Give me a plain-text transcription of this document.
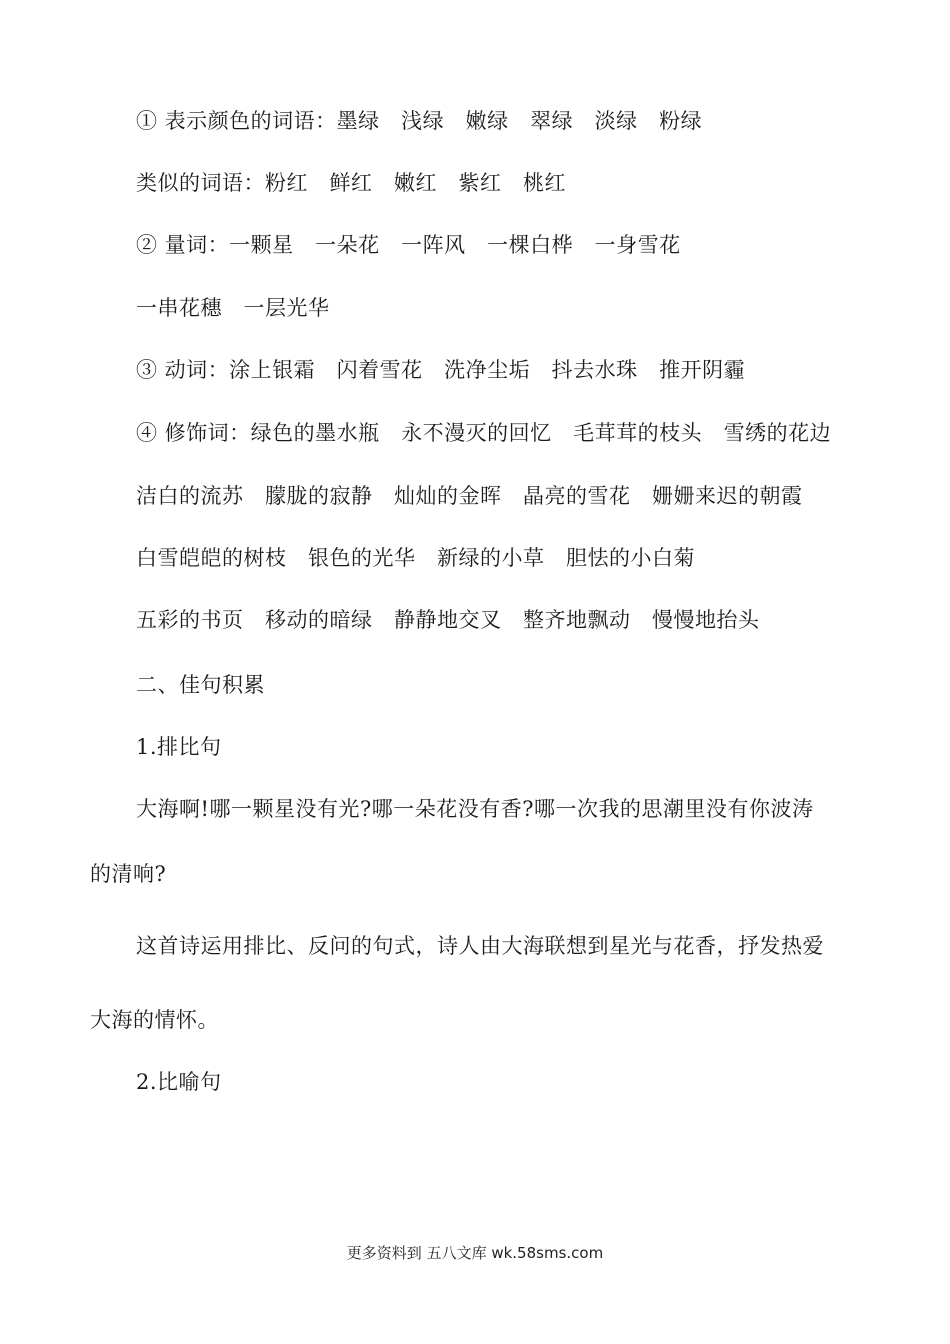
① 表示颜色的词语：墨绿　浅绿　嫩绿　翠绿　淡绿　粉绿
类似的词语：粉红　鲜红　嫩红　紫红　桃红
② 量词：一颗星　一朵花　一阵风　一棵白桦　一身雪花
一串花穗　一层光华
③ 动词：涂上银霜　闪着雪花　洗净尘垢　抖去水珠　推开阴霾
④ 修饰词：绿色的墨水瓶　永不漫灭的回忆　毛茸茸的枝头　雪绣的花边
洁白的流苏　朦胧的寂静　灿灿的金晖　晶亮的雪花　姗姗来迟的朝霞
白雪皑皑的树枝　银色的光华　新绿的小草　胆怯的小白菊
五彩的书页　移动的暗绿　静静地交叉　整齐地飘动　慢慢地抬头
二、佳句积累
1.排比句
大海啊!哪一颗星没有光?哪一朵花没有香?哪一次我的思潮里没有你波涛
的清响?
这首诗运用排比、反问的句式，诗人由大海联想到星光与花香，抒发热爱
大海的情怀。
2.比喻句
更多资料到 五八文库 wk.58sms.com
